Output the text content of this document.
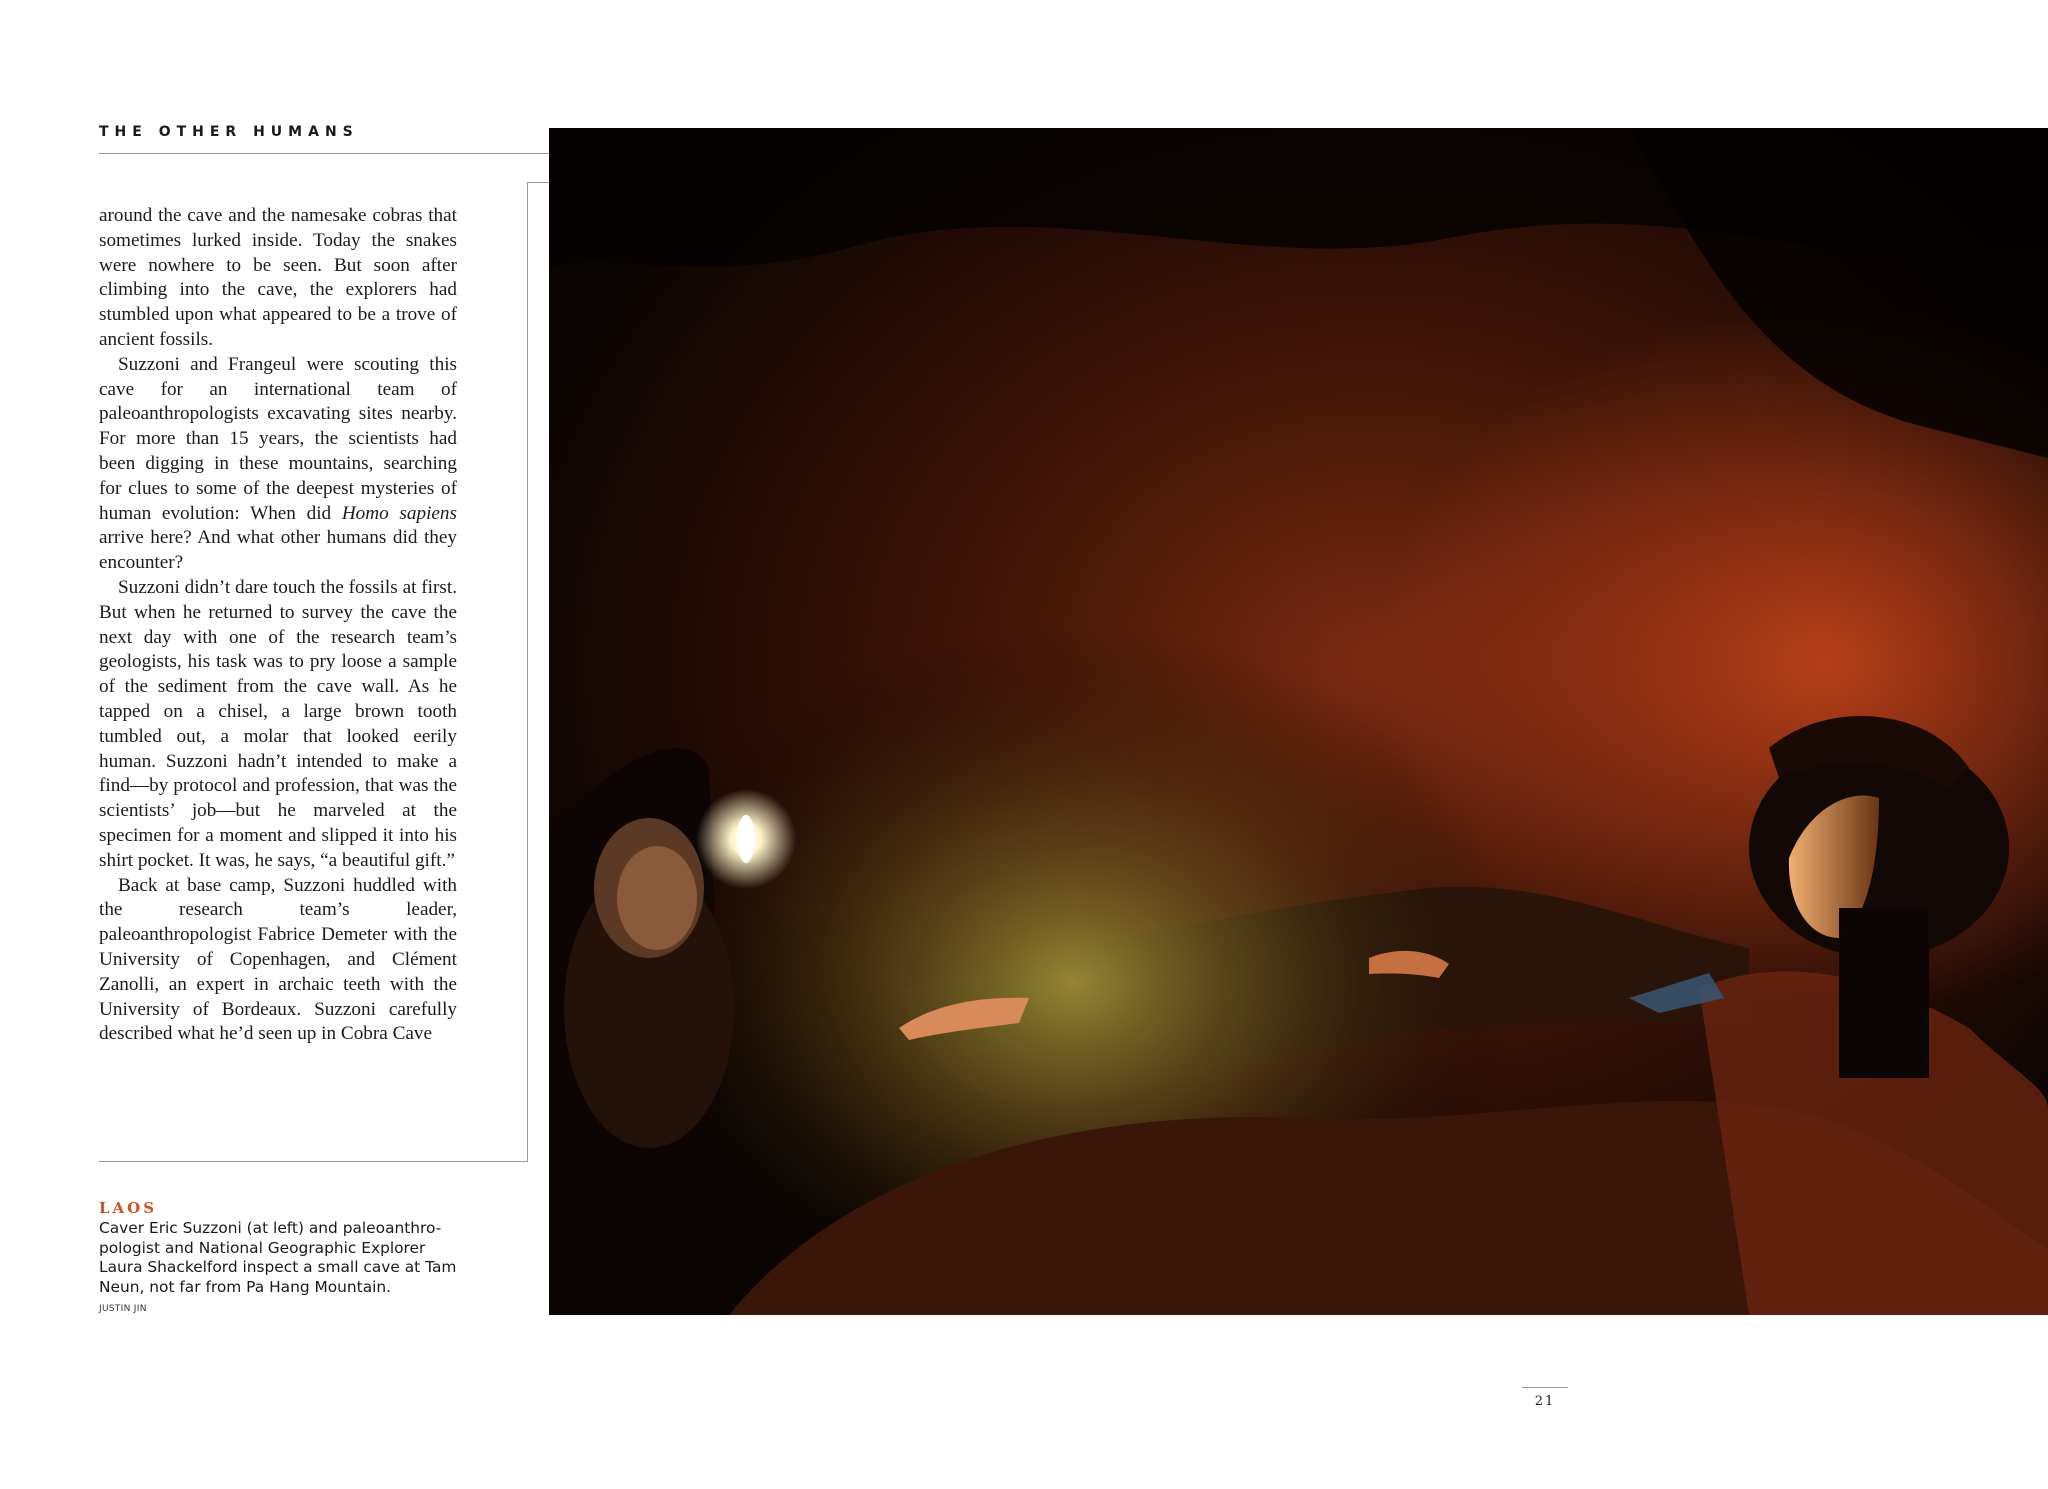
THE OTHER HUMANS

around the cave and the namesake cobras that sometimes lurked inside. Today the snakes were nowhere to be seen. But soon after climbing into the cave, the explorers had stumbled upon what appeared to be a trove of ancient fossils.

Suzzoni and Frangeul were scouting this cave for an international team of paleoanthropologists excavating sites nearby. For more than 15 years, the scientists had been digging in these mountains, searching for clues to some of the deepest mysteries of human evolution: When did Homo sapiens arrive here? And what other humans did they encounter?

Suzzoni didn’t dare touch the fossils at first. But when he returned to survey the cave the next day with one of the research team’s geologists, his task was to pry loose a sample of the sediment from the cave wall. As he tapped on a chisel, a large brown tooth tumbled out, a molar that looked eerily human. Suzzoni hadn’t intended to make a find—by protocol and profession, that was the scientists’ job—but he marveled at the specimen for a moment and slipped it into his shirt pocket. It was, he says, “a beautiful gift.”

Back at base camp, Suzzoni huddled with the research team’s leader, paleoanthropologist Fabrice Demeter with the University of Copenhagen, and Clément Zanolli, an expert in archaic teeth with the University of Bordeaux. Suzzoni carefully described what he’d seen up in Cobra Cave

LAOS
Caver Eric Suzzoni (at left) and paleoanthro-
pologist and National Geographic Explorer
Laura Shackelford inspect a small cave at Tam
Neun, not far from Pa Hang Mountain.
JUSTIN JIN
21
